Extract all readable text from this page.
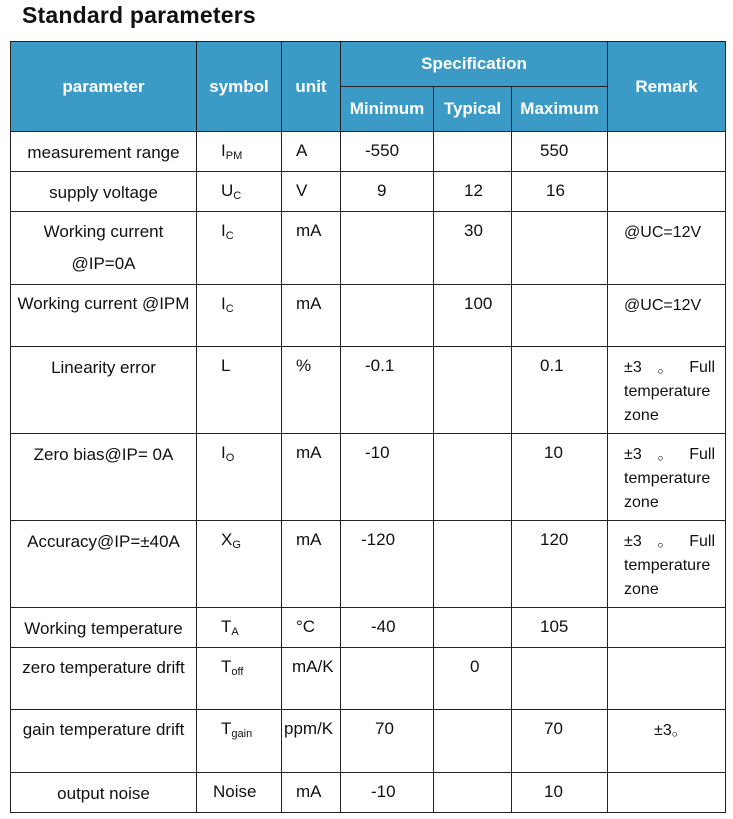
Standard parameters
parameter	symbol	unit	Specification			Remark
			Minimum	Typical	Maximum	
measurement range	IPM	A	-550		550	
supply voltage	UC	V	9	12	16	
Working current @IP=0A	IC	mA		30		@UC=12V
Working current @IPM	IC	mA		100		@UC=12V
Linearity error	L	%	-0.1		0.1	±3 。 Full
temperature
zone

Zero bias@IP= 0A	IO	mA	-10		10	±3 。 Full
temperature
zone

Accuracy@IP=±40A	XG	mA	-120		120	±3 。 Full
temperature
zone

Working temperature	TA	°C	-40		105	
zero temperature drift	Toff	mA/K		0		
gain temperature drift	Tgain	ppm/K	70		70	±3。
output noise	Noise	mA	-10		10	
